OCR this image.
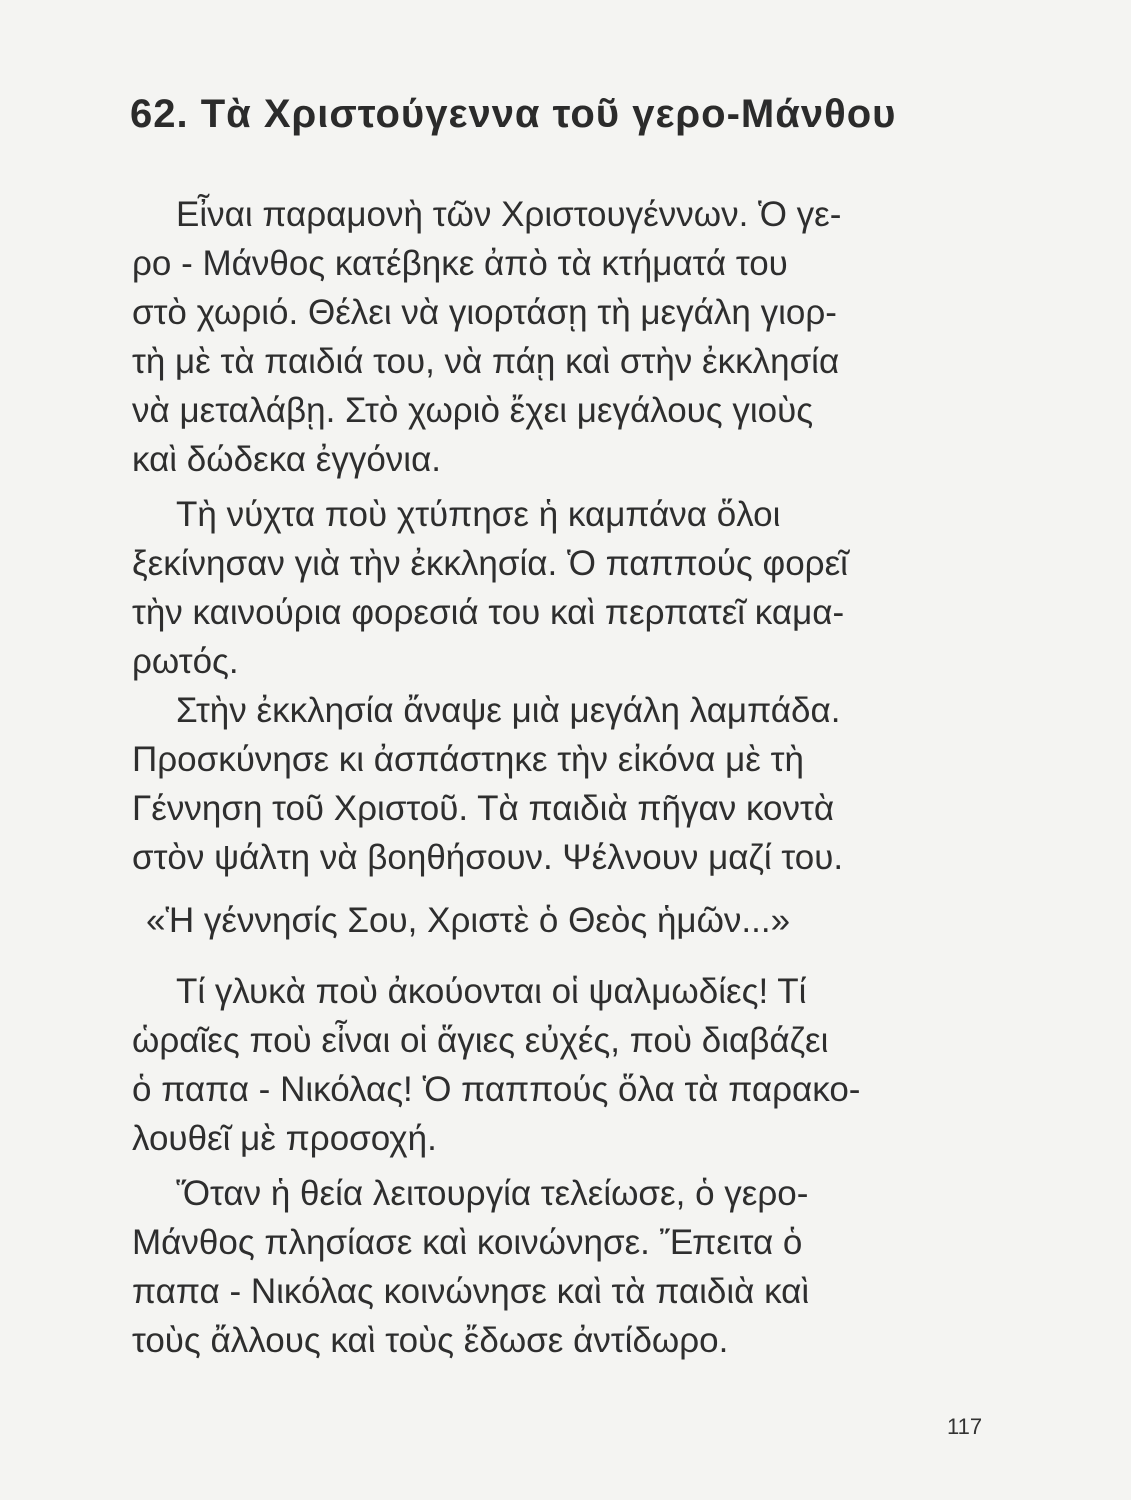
62. Τὰ Χριστούγεννα τοῦ γερο-Μάνθου
Εἶναι παραμονὴ τῶν Χριστουγέννων. Ὁ γε-
ρο - Μάνθος κατέβηκε ἀπὸ τὰ κτήματά του
στὸ χωριό. Θέλει νὰ γιορτάσῃ τὴ μεγάλη γιορ-
τὴ μὲ τὰ παιδιά του, νὰ πάῃ καὶ στὴν ἐκκλησία
νὰ μεταλάβῃ. Στὸ χωριὸ ἔχει μεγάλους γιοὺς
καὶ δώδεκα ἐγγόνια.
Τὴ νύχτα ποὺ χτύπησε ἡ καμπάνα ὅλοι
ξεκίνησαν γιὰ τὴν ἐκκλησία. Ὁ παππούς φορεῖ
τὴν καινούρια φορεσιά του καὶ περπατεῖ καμα-
ρωτός.
Στὴν ἐκκλησία ἄναψε μιὰ μεγάλη λαμπάδα.
Προσκύνησε κι ἀσπάστηκε τὴν εἰκόνα μὲ τὴ
Γέννηση τοῦ Χριστοῦ. Τὰ παιδιὰ πῆγαν κοντὰ
στὸν ψάλτη νὰ βοηθήσουν. Ψέλνουν μαζί του.
«Ἡ γέννησίς Σου, Χριστὲ ὁ Θεὸς ἡμῶν...»
Τί γλυκὰ ποὺ ἀκούονται οἱ ψαλμωδίες! Τί
ὡραῖες ποὺ εἶναι οἱ ἅγιες εὐχές, ποὺ διαβάζει
ὁ παπα - Νικόλας! Ὁ παππούς ὅλα τὰ παρακο-
λουθεῖ μὲ προσοχή.
Ὅταν ἡ θεία λειτουργία τελείωσε, ὁ γερο-
Μάνθος πλησίασε καὶ κοινώνησε. Ἔπειτα ὁ
παπα - Νικόλας κοινώνησε καὶ τὰ παιδιὰ καὶ
τοὺς ἄλλους καὶ τοὺς ἔδωσε ἀντίδωρο.
117
